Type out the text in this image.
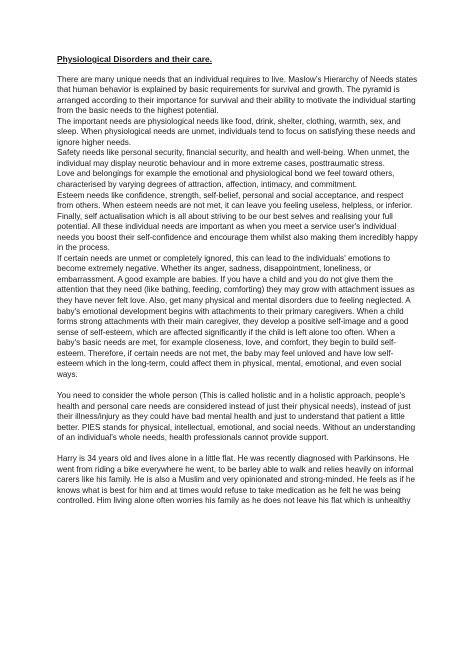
Physiological Disorders and their care.

There are many unique needs that an individual requires to live. Maslow’s Hierarchy of Needs states that human behavior is explained by basic requirements for survival and growth. The pyramid is arranged according to their importance for survival and their ability to motivate the individual starting from the basic needs to the highest potential.

The important needs are physiological needs like food, drink, shelter, clothing, warmth, sex, and sleep. When physiological needs are unmet, individuals tend to focus on satisfying these needs and ignore higher needs.

Safety needs like personal security, financial security, and health and well-being. When unmet, the individual may display neurotic behaviour and in more extreme cases, posttraumatic stress.

Love and belongings for example the emotional and physiological bond we feel toward others, characterised by varying degrees of attraction, affection, intimacy, and commitment.

Esteem needs like confidence, strength, self-belief, personal and social acceptance, and respect from others. When esteem needs are not met, it can leave you feeling useless, helpless, or inferior. Finally, self actualisation which is all about striving to be our best selves and realising your full potential. All these individual needs are important as when you meet a service user's individual needs you boost their self-confidence and encourage them whilst also making them incredibly happy in the process.

If certain needs are unmet or completely ignored, this can lead to the individuals' emotions to become extremely negative. Whether its anger, sadness, disappointment, loneliness, or embarrassment. A good example are babies. If you have a child and you do not give them the attention that they need (like bathing, feeding, comforting) they may grow with attachment issues as they have never felt love. Also, get many physical and mental disorders due to feeling neglected. A baby's emotional development begins with attachments to their primary caregivers. When a child forms strong attachments with their main caregiver, they develop a positive self-image and a good sense of self-esteem, which are affected significantly if the child is left alone too often. When a baby's basic needs are met, for example closeness, love, and comfort, they begin to build self-esteem. Therefore, if certain needs are not met, the baby may feel unloved and have low self-esteem which in the long-term, could affect them in physical, mental, emotional, and even social ways.

You need to consider the whole person (This is called holistic and in a holistic approach, people's health and personal care needs are considered instead of just their physical needs), instead of just their illness/injury as they could have bad mental health and just to understand that patient a little better. PIES stands for physical, intellectual, emotional, and social needs. Without an understanding of an individual's whole needs, health professionals cannot provide support.

Harry is 34 years old and lives alone in a little flat. He was recently diagnosed with Parkinsons. He went from riding a bike everywhere he went, to be barley able to walk and relies heavily on informal carers like his family. He is also a Muslim and very opinionated and strong-minded. He feels as if he knows what is best for him and at times would refuse to take medication as he felt he was being controlled. Him living alone often worries his family as he does not leave his flat which is unhealthy
